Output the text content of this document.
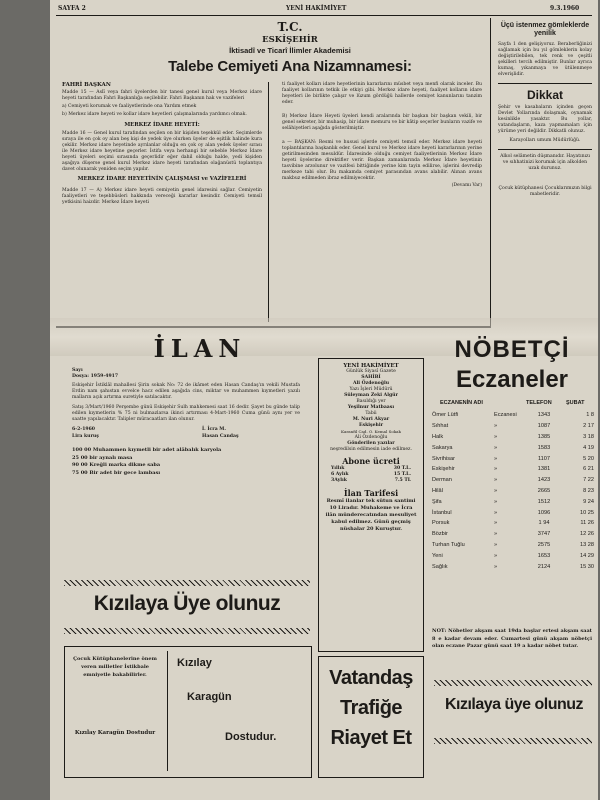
SAYFA 2	YENİ HAKİMİYET	9.3.1960
T.C.
ESKİŞEHİR
İktisadî ve Ticarî İlimler Akademisi
Talebe Cemiyeti Ana Nizamnamesi:
FAHRİ BAŞKAN
Madde 15 — Aslî veya fahri üyelerden bir tanesi genel kurul veya Merkez idare heyeti tarafından Fahri Başkanlığa seçilebilir. Fahri Başkanın hak ve vazifeleri
a) Cemiyeti korumak ve faaliyetlerinde ona Yardım etmek
b) Merkez idare heyeti ve kollar idare heyetleri çalışmalarında yardımcı olmak.
MERKEZ İDARE HEYETİ:
Madde 16 — Genel kurul tarafından seçilen on bir kişiden teşekkül eder. Seçimlerde sıraya ile en çok oy alan beş kişi de yedek üye olurken üyeler de eşitlik halinde kura çekilir. Merkez idare heyetinde ayrılanlar olduğu en çok oy alan yedek üyeler sırası ile Merkez idare heyetine geçerler. İstifa veya herhangi bir sebeble Merkez İdare heyeti üyeleri seçimi sırasında geçerlidir eğer dahil olduğu halde, yedi kişiden aşağıya düşerse genel kurul Merkez idare heyeti tarafından olağanüstü toplantıya davet olunarak yeniden seçim yapılır.
MERKEZ İDARE HEYETİNİN ÇALIŞMASI ve VAZİFELERİ
Madde 17 — A) Merkez idare heyeti cemiyetin genel idaresini sağlar. Cemiyetin faaliyetleri ve teşebbüsleri hakkında vereceği kararlar kesindir. Cemiyeti temsil yetkisini haizdir. Merkez İdare heyeti
ti faaliyet kolları idare heyetlerinin kararlarını müsbet veya menfi olarak inceler. Bu faaliyet kollarının tetkik ile etkiyi gibi. Merkez idare heyeti, faaliyet kolların idare heyetleri ile birlikte çalışır ve lüzum gördüğü hallerde cemiyet kanunlarını tanzim eder.
B) Merkez İdare Heyeti üyeleri kendi aralarında bir başkan bir başkan vekili, bir genel sekreter, bir muhasip, bir idare memuru ve bir kâtip seçerler bunların vazife ve selâhiyetleri aşağıda gösterilmiştir.
a — BAŞKAN: Resmi ve hususi işlerde cemiyeti temsil eder. Merkez idare heyeti toplantılarına başkanlık eder. Genel kurul ve Merkez idare heyeti kararlarının yerine getirilmesinden mesuldür. İdaresinde olduğu cemiyet faaliyetlerinin Merkez İdare heyeti üyelerine direktifler verir. Başkan zamanlarında Merkez İdare heyetinin tasvibine arzolunur ve vazifesi bittiğinde yerine kim tayin edilirse, işlerini devredip merkeze tabi olur. Bu makamda cemiyet parasından avans alabilir. Alınan avans makbuz edilmeden ibraz edilmiyecektir.
(Devamı Var)
Üçü istenmez gömleklerde yenilik
Sayfa 1 den gelişiyoruz. Beraberliğinizi sağlamak için bu yıl gömleklerin kolay değiştirilebilen, tek renk ve çeşitli şekilleri tercih edilmiştir. Bunlar ayrıca kumaş, yıkanmaya ve ütülenmeye elverişlidir.
Dikkat
Şehir ve kasabaların içinden geçen Devlet Yollarında dolaşmak, oynamak kesinlikle yasaktır. Bu yollar, vatandaşların, kaza yapmamaları için yürüme yeri değildir. Dikkatli olunuz.
Karayolları umum Müdürlüğü.
Alkol selâmetin düşmanıdır. Hayatınızı ve sıhhatinizi korumak için alkolden uzak durunuz.
Çocuk kütüphanesi Çocuklarımızın bilgi mabetleridir.
İLAN
Sayı
Dosya: 1959-4917
Eskişehir İstiklâl mahallesi Şirin sokak No: 72 de ikâmet eden Hasan Candaş'ın vekili Mustafa Erdin nam şahıstan evvelce hacz edilen aşağıda cins, miktar ve muhammen kıymetleri yazılı malların açık artırma suretiyle satılacaktır.
Satış 3/Mart/1960 Perşembe günü Eskişehir Sulh mahkemesi saat 16 dedir. Şayet bu günde talip edilen kıymetlerin % 75 ni bulmazlarsa ikinci artırması 4-Mart-1960 Cuma günü aynı yer ve saatte yapılacaktır. Talipler müracaatları ilan olunur.
6-2-1960	İ. İcra M.
Lira kuruş	Hasan Candaş
100 00 Muhammen kıymetli bir adet alâbalık karyola
25 00 bir aynalı masa
90 00 Kreğli marka dikme saba
75 00 Bir adet bir gece lambası
Kızılaya Üye olunuz
Çocuk Kütüphanelerine önem veren milletler İstikbale emniyetle bakabilirler.
Kızılay Karagün Dostudur
Kızılay
Karagün
Dostudur.
YENİ HAKİMİYET
Günlük Siyasî Gazete
SAHİBİ
Ali Özdenoğlu
Yazı İşleri Müdürü
Süleyman Zeki Algür
Basıldığı yer
Yeşilnur Matbaası
Tabii
M. Nuri Akyar
Eskişehir
Karanfil Cad. O. Kemal Sokak
Ali Özdenoğlu
Gönderilen yazılar
neşredilsin edilmesin iade edilmez.
Abone ücreti
Yıllık	30 T.L.
6 Aylık	15 T.L.
3Aylık	7.5 TL
İlan Tarifesi
Resmî ilanlar tek sütun santimi 10 Liradır. Muhakeme ve İcra ilân münderecatından mesuliyet kabul edilmez. Günü geçmiş nüshalar 20 Kuruştur.
Vatandaş
Trafiğe
Riayet Et
NÖBETÇİ
Eczaneler
ECZANENİN ADI	TELEFON	ŞUBAT
Ömer Lütfi	Eczanesi	1343	1 8
Sıhhat	»	1087	2 17
Halk	»	1385	3 18
Sakarya	»	1583	4 19
Sivrihisar	»	1107	5 20
Eskişehir	»	1381	6 21
Derman	»	1423	7 22
Hilâl	»	2665	8 23
Şifa	»	1512	9 24
İstanbul	»	1096	10 25
Porsuk	»	1 94	11 26
Bözbir	»	3747	12 26
Turhan Tuğlu	»	2575	13 28
Yeni	»	1653	14 29
Sağlık	»	2124	15 30
NOT: Nöbetler akşam saat 19da başlar ertesi akşam saat 8 e kadar devam eder. Cumartesi günü akşam nöbetçi olan eczane Pazar günü saat 19 a kadar nöbet tutar.
Kızılaya üye olunuz
